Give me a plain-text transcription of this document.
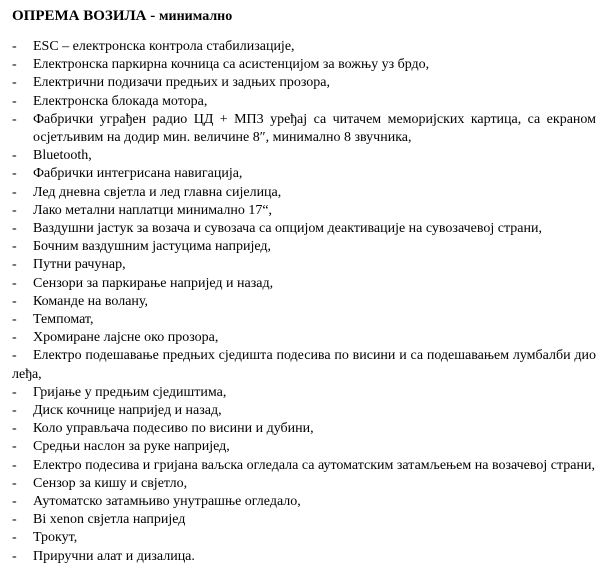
ОПРЕМА ВОЗИЛА - минимално
- ESC – електронска контрола стабилизације,
- Електронска паркирна кочница са асистенцијом за вожњу уз брдо,
- Електрични подизачи предњих и задњих прозора,
- Електронска блокада мотора,
- Фабрички уграђен радио ЦД + МП3 уређај са читачем меморијских картица, са екраном осјетљивим на додир мин. величине 8″, минимално 8 звучника,
- Bluetooth,
- Фабрички интегрисана навигација,
- Лед дневна свјетла и лед главна сијелица,
- Лако метални наплатци минимално 17“,
- Ваздушни јастук за возача и сувозача са опцијом деактивације на сувозачевој страни,
- Бочним ваздушним јастуцима напријед,
- Путни рачунар,
- Сензори за паркирање напријед и назад,
- Команде на волану,
- Темпомат,
- Хромиране лајсне око прозора,
- Електро подешавање предњих сједишта подесива по висини и са подешавањем лумбалби дио леђа,
- Гријање у предњим сједиштима,
- Диск кочнице напријед и назад,
- Коло управљача подесиво по висини и дубини,
- Средњи наслон за руке напријед,
- Електро подесива и гријана ваљска огледала са аутоматским затамљењем на возачевој страни,
- Сензор за кишу и свјетло,
- Аутоматско затамњиво унутрашње огледало,
- Bi xenon свјетла напријед
- Трокут,
- Приручни алат и дизалица.
